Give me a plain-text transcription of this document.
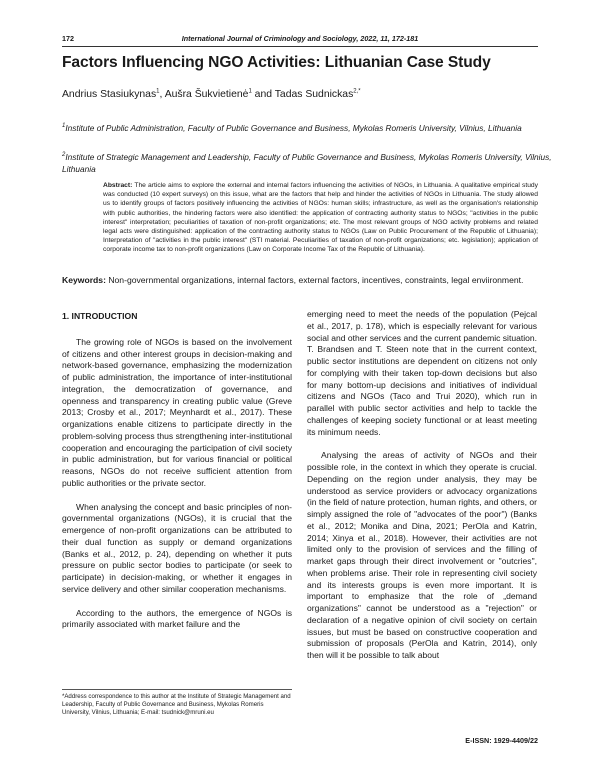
172	International Journal of Criminology and Sociology, 2022, 11, 172-181
Factors Influencing NGO Activities: Lithuanian Case Study
Andrius Stasiukynas$^1$, Aušra Šukvietienė$^1$ and Tadas Sudnickas$^{2,*}$
$^1$Institute of Public Administration, Faculty of Public Governance and Business, Mykolas Romeris University, Vilnius, Lithuania
$^2$Institute of Strategic Management and Leadership, Faculty of Public Governance and Business, Mykolas Romeris University, Vilnius, Lithuania
Abstract: The article aims to explore the external and internal factors influencing the activities of NGOs, in Lithuania. A qualitative empirical study was conducted (10 expert surveys) on this issue, what are the factors that help and hinder the activities of NGOs in Lithuania. The study allowed us to identify groups of factors positively influencing the activities of NGOs: human skills; infrastructure, as well as the organisation's relationship with public authorities, the hindering factors were also identified: the application of contracting authority status to NGOs; "activities in the public interest" interpretation; peculiarities of taxation of non-profit organizations; etc. The most relevant groups of NGO activity problems and related legal acts were distinguished: application of the contracting authority status to NGOs (Law on Public Procurement of the Republic of Lithuania); Interpretation of "activities in the public interest" (STI material. Peculiarities of taxation of non-profit organizations; etc. legislation); application of corporate income tax to non-profit organizations (Law on Corporate Income Tax of the Republic of Lithuania).
Keywords: Non-governmental organizations, internal factors, external factors, incentives, constraints, legal enviironment.
1. INTRODUCTION

The growing role of NGOs is based on the involvement of citizens and other interest groups in decision-making and network-based governance, emphasizing the modernization of public administration, the importance of inter-institutional integration, the democratization of governance, and openness and transparency in creating public value (Greve 2013; Crosby et al., 2017; Meynhardt et al., 2017). These organizations enable citizens to participate directly in the problem-solving process thus strengthening inter-institutional cooperation and encouraging the participation of civil society in public administration, but for various financial or political reasons, NGOs do not receive sufficient attention from public authorities or the private sector.

When analysing the concept and basic principles of non-governmental organizations (NGOs), it is crucial that the emergence of non-profit organizations can be attributed to their dual function as supply or demand organizations (Banks et al., 2012, p. 24), depending on whether it puts pressure on public sector bodies to participate (or seek to participate) in decision-making, or whether it engages in service delivery and other similar cooperation mechanisms.

According to the authors, the emergence of NGOs is primarily associated with market failure and the

emerging need to meet the needs of the population (Pejcal et al., 2017, p. 178), which is especially relevant for various social and other services and the current pandemic situation. T. Brandsen and T. Steen note that in the current context, public sector institutions are dependent on citizens not only for complying with their taken top-down decisions but also for many bottom-up decisions and initiatives of individual citizens and NGOs (Taco and Trui 2020), which run in parallel with public sector activities and help to tackle the challenges of keeping society functional or at least meeting its minimum needs.

Analysing the areas of activity of NGOs and their possible role, in the context in which they operate is crucial. Depending on the region under analysis, they may be understood as service providers or advocacy organizations (in the field of nature protection, human rights, and others, or simply assigned the role of "advocates of the poor") (Banks et al., 2012; Monika and Dina, 2021; PerOla and Katrin, 2014; Xinya et al., 2018). However, their activities are not limited only to the provision of services and the filling of market gaps through their direct involvement or "outcries", when problems arise. Their role in representing civil society and its interests groups is even more important. It is important to emphasize that the role of „demand organizations" cannot be understood as a "rejection" or declaration of a negative opinion of civil society on certain issues, but must be based on constructive cooperation and submission of proposals (PerOla and Katrin, 2014), only then will it be possible to talk about

*Address correspondence to this author at the Institute of Strategic Management and Leadership, Faculty of Public Governance and Business, Mykolas Romeris University, Vilnius, Lithuania; E-mail: tsudnick@mruni.eu
E-ISSN: 1929-4409/22
